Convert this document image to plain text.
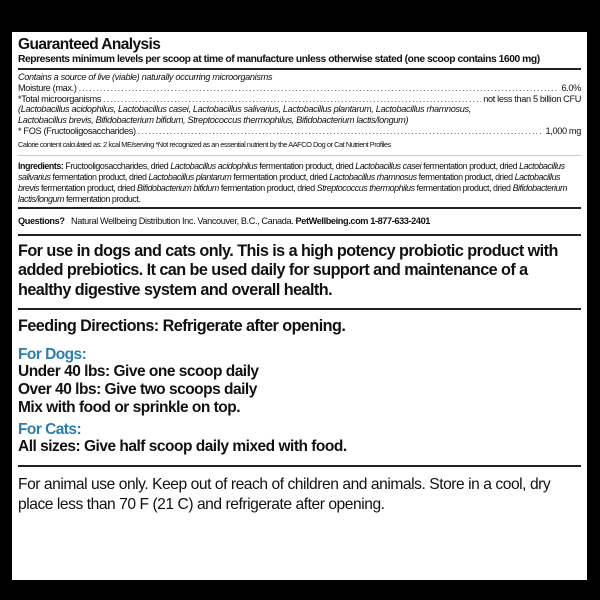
Guaranteed Analysis
Represents minimum levels per scoop at time of manufacture unless otherwise stated (one scoop contains 1600 mg)
Contains a source of live (viable) naturally occurring microorganisms
Moisture (max.) .....	6.0%
*Total microorganisms .....	not less than 5 billion CFU
(Lactobacillus acidophilus, Lactobacillus casei, Lactobacillus salivarius, Lactobacillus plantarum, Lactobacillus rhamnosus,
Lactobacillus brevis, Bifidobacterium bifidum, Streptococcus thermophilus, Bifidobacterium lactis/longum)
* FOS (Fructooligosaccharides) .....	1,000 mg
Calorie content calculated as: 2 kcal ME/serving *Not recognized as an essential nutrient by the AAFCO Dog or Cat Nutrient Profiles
Ingredients: Fructooligosaccharides, dried Lactobacillus acidophilus fermentation product, dried Lactobacillus casei fermentation product, dried Lactobacillus salivarius fermentation product, dried Lactobacillus plantarum fermentation product, dried Lactobacillus rhamnosus fermentation product, dried Lactobacillus brevis fermentation product, dried Bifidobacterium bifidum fermentation product, dried Streptococcus thermophilus fermentation product, dried Bifidobacterium lactis/longum fermentation product.
Questions? Natural Wellbeing Distribution Inc. Vancouver, B.C., Canada. PetWellbeing.com 1-877-633-2401
For use in dogs and cats only. This is a high potency probiotic product with added prebiotics. It can be used daily for support and maintenance of a healthy digestive system and overall health.
Feeding Directions: Refrigerate after opening.
For Dogs:
Under 40 lbs: Give one scoop daily
Over 40 lbs: Give two scoops daily
Mix with food or sprinkle on top.
For Cats:
All sizes: Give half scoop daily mixed with food.
For animal use only. Keep out of reach of children and animals. Store in a cool, dry place less than 70 F (21 C) and refrigerate after opening.
